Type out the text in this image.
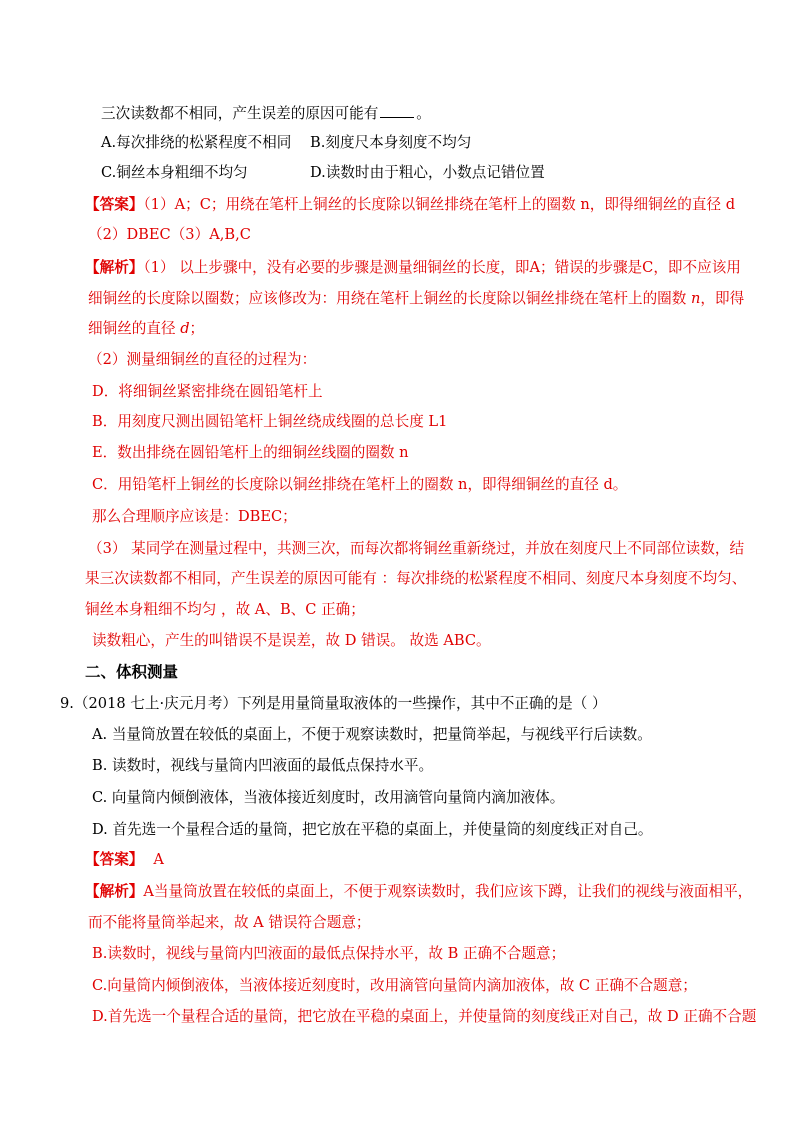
三次读数都不相同，产生误差的原因可能有	。
A.每次排绕的松紧程度不相同 B.刻度尺本身刻度不均匀
C.铜丝本身粗细不均匀	D.读数时由于粗心，小数点记错位置
【答案】（1）A；C；用绕在笔杆上铜丝的长度除以铜丝排绕在笔杆上的圈数 n，即得细铜丝的直径 d
（2）DBEC（3）A,B,C
【解析】（1） 以上步骤中，没有必要的步骤是测量细铜丝的长度，即A；错误的步骤是C，即不应该用
细铜丝的长度除以圈数；应该修改为：用绕在笔杆上铜丝的长度除以铜丝排绕在笔杆上的圈数 n，即得
细铜丝的直径 d；
（2）测量细铜丝的直径的过程为：
D．将细铜丝紧密排绕在圆铅笔杆上
B．用刻度尺测出圆铅笔杆上铜丝绕成线圈的总长度 L1
E．数出排绕在圆铅笔杆上的细铜丝线圈的圈数 n
C．用铅笔杆上铜丝的长度除以铜丝排绕在笔杆上的圈数 n，即得细铜丝的直径 d。
那么合理顺序应该是：DBEC；
（3） 某同学在测量过程中，共测三次，而每次都将铜丝重新绕过，并放在刻度尺上不同部位读数，结
果三次读数都不相同，产生误差的原因可能有 ：每次排绕的松紧程度不相同、刻度尺本身刻度不均匀、
铜丝本身粗细不均匀 ，故 A、B、C 正确；
读数粗心，产生的叫错误不是误差，故 D 错误。 故选 ABC。
二、体积测量
9.（2018 七上·庆元月考）下列是用量筒量取液体的一些操作，其中不正确的是（ ）
A. 当量筒放置在较低的桌面上，不便于观察读数时，把量筒举起，与视线平行后读数。
B. 读数时，视线与量筒内凹液面的最低点保持水平。
C. 向量筒内倾倒液体，当液体接近刻度时，改用滴管向量筒内滴加液体。
D. 首先选一个量程合适的量筒，把它放在平稳的桌面上，并使量筒的刻度线正对自己。
【答案】 A
【解析】A当量筒放置在较低的桌面上，不便于观察读数时，我们应该下蹲，让我们的视线与液面相平，
而不能将量筒举起来，故 A 错误符合题意；
B.读数时，视线与量筒内凹液面的最低点保持水平，故 B 正确不合题意；
C.向量筒内倾倒液体，当液体接近刻度时，改用滴管向量筒内滴加液体，故 C 正确不合题意；
D.首先选一个量程合适的量筒，把它放在平稳的桌面上，并使量筒的刻度线正对自己，故 D 正确不合题
